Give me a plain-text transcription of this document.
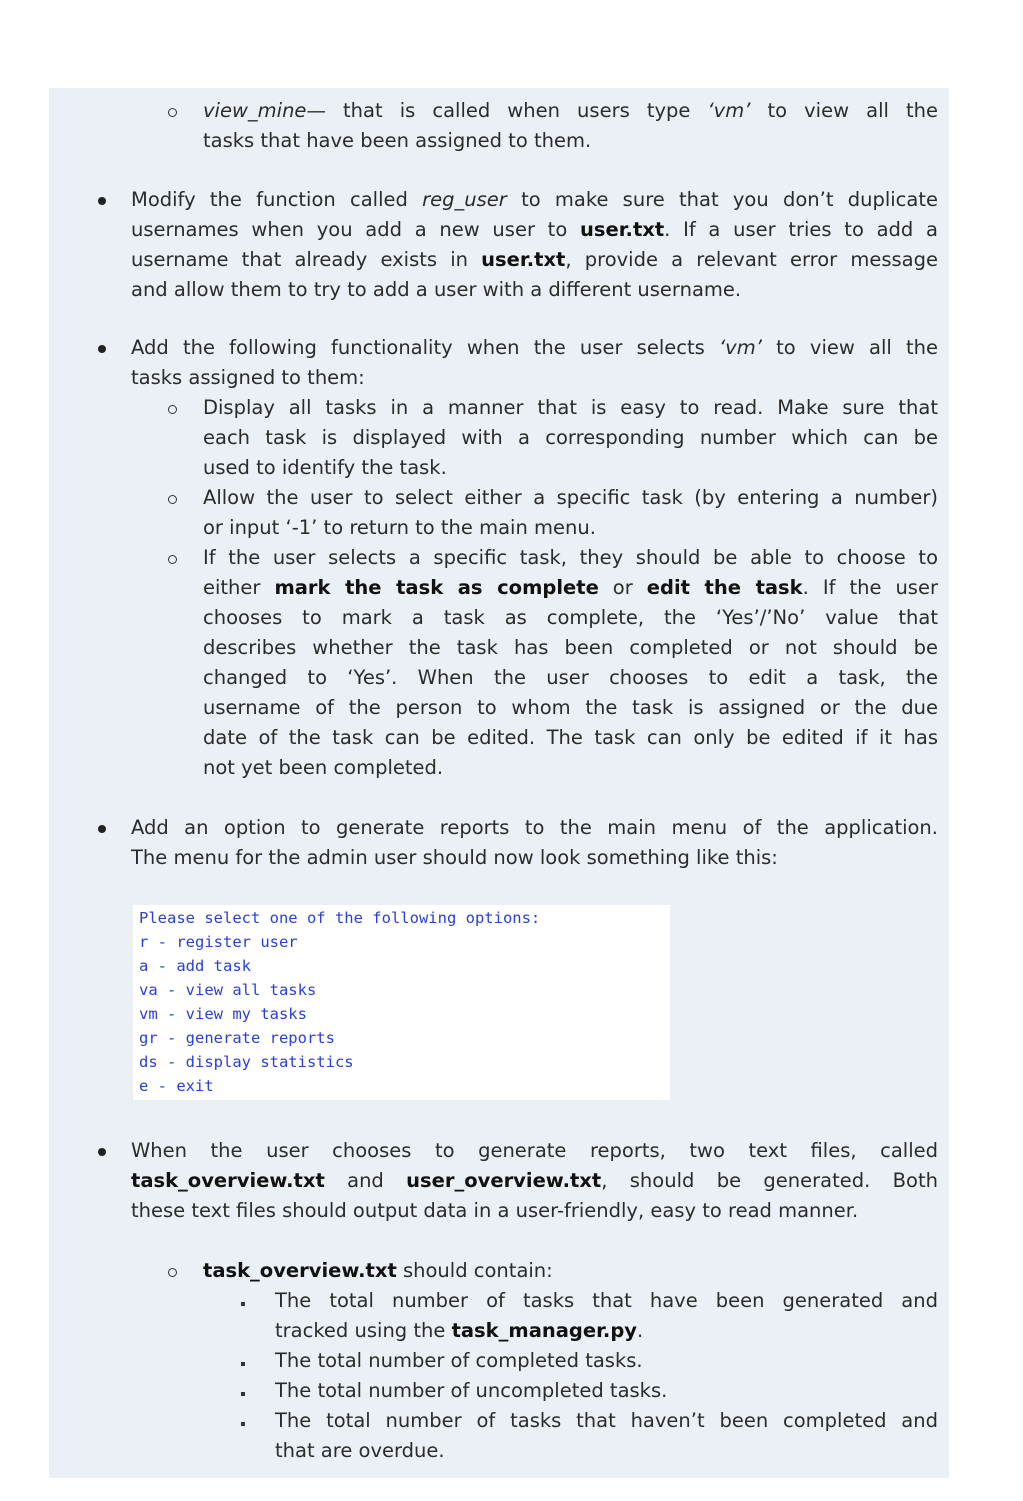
view_mine— that is called when users type ‘vm’ to view all the
tasks that have been assigned to them.
Modify the function called reg_user to make sure that you don’t duplicate
usernames when you add a new user to user.txt. If a user tries to add a
username that already exists in user.txt, provide a relevant error message
and allow them to try to add a user with a different username.
Add the following functionality when the user selects ‘vm’ to view all the
tasks assigned to them:
Display all tasks in a manner that is easy to read. Make sure that
each task is displayed with a corresponding number which can be
used to identify the task.
Allow the user to select either a specific task (by entering a number)
or input ‘-1’ to return to the main menu.
If the user selects a specific task, they should be able to choose to
either mark the task as complete or edit the task. If the user
chooses to mark a task as complete, the ‘Yes’/’No’ value that
describes whether the task has been completed or not should be
changed to ‘Yes’. When the user chooses to edit a task, the
username of the person to whom the task is assigned or the due
date of the task can be edited. The task can only be edited if it has
not yet been completed.
Add an option to generate reports to the main menu of the application.
The menu for the admin user should now look something like this:
Please select one of the following options:
r - register user
a - add task
va - view all tasks
vm - view my tasks
gr - generate reports
ds - display statistics
e - exit
When the user chooses to generate reports, two text files, called
task_overview.txt and user_overview.txt, should be generated. Both
these text files should output data in a user-friendly, easy to read manner.
task_overview.txt should contain:
The total number of tasks that have been generated and
tracked using the task_manager.py.
The total number of completed tasks.
The total number of uncompleted tasks.
The total number of tasks that haven’t been completed and
that are overdue.
